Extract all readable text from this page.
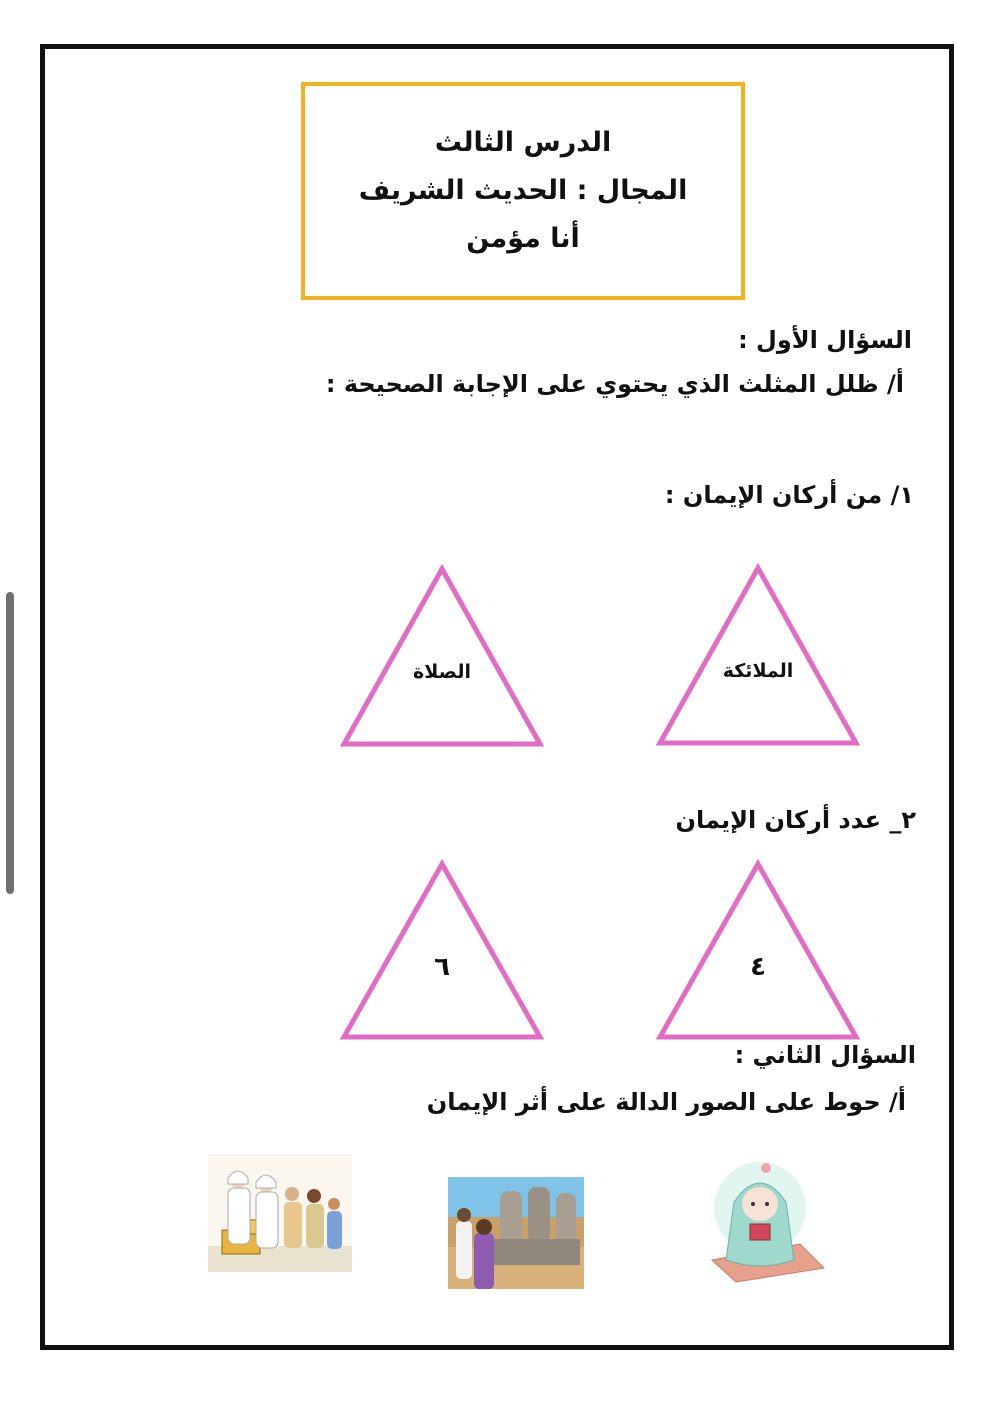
الدرس الثالث
المجال : الحديث الشريف
أنا مؤمن
السؤال الأول :
أ/ ظلل المثلث الذي يحتوي على الإجابة الصحيحة :
١/ من أركان الإيمان :
الملائكة
الصلاة
٢_ عدد أركان الإيمان
٤
٦
السؤال الثاني :
أ/ حوط على الصور الدالة على أثر الإيمان
